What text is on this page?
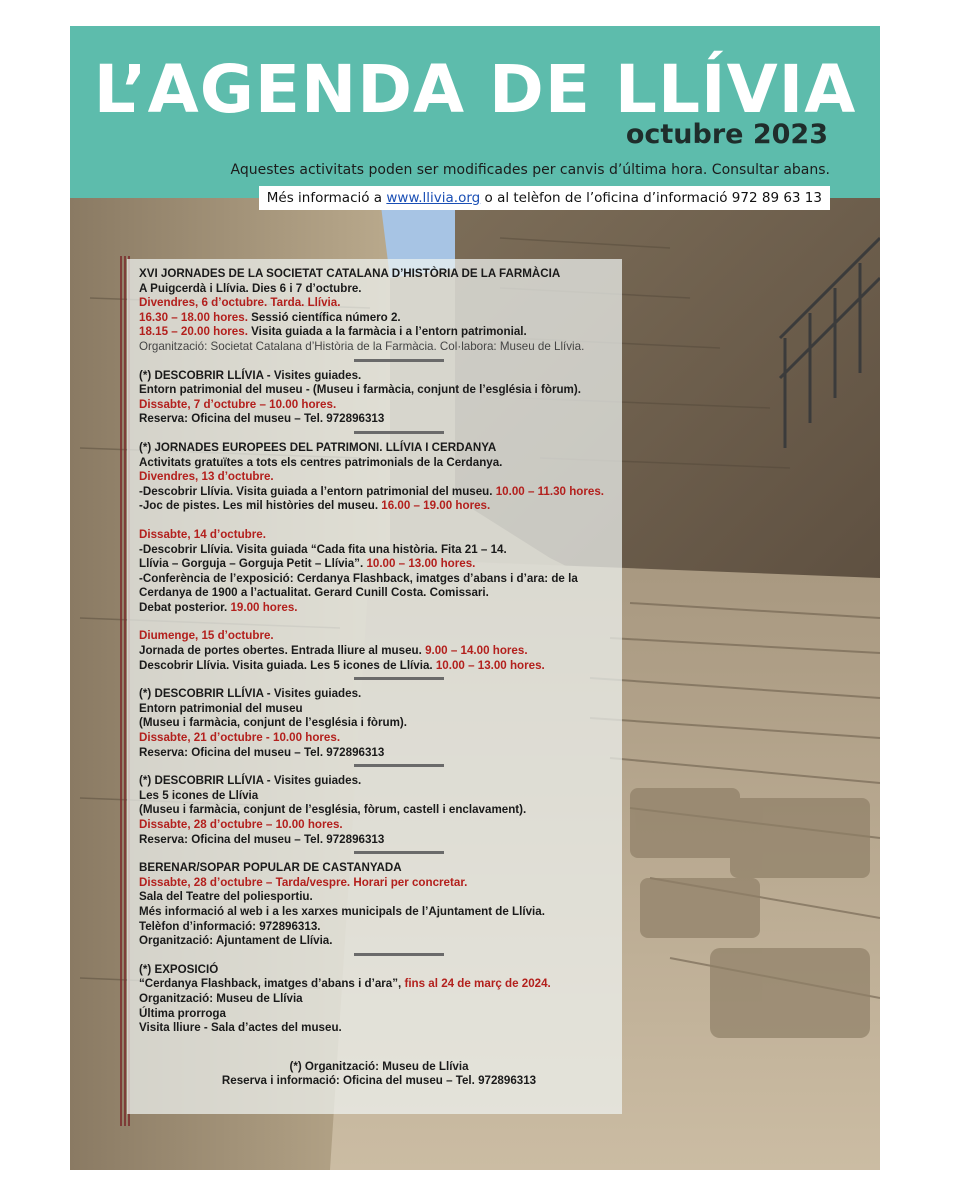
L’AGENDA DE LLÍVIA
octubre 2023
Aquestes activitats poden ser modificades per canvis d’última hora. Consultar abans.
Més informació a www.llivia.org o al telèfon de l’oficina d’informació 972 89 63 13
XVI JORNADES DE LA SOCIETAT CATALANA D’HISTÒRIA DE LA FARMÀCIA
A Puigcerdà i Llívia. Dies 6 i 7 d’octubre.
Divendres, 6 d’octubre. Tarda. Llívia.
16.30 – 18.00 hores. Sessió científica número 2.
18.15 – 20.00 hores. Visita guiada a la farmàcia i a l’entorn patrimonial.
Organització: Societat Catalana d’Història de la Farmàcia. Col·labora: Museu de Llívia.
(*) DESCOBRIR LLÍVIA - Visites guiades.
Entorn patrimonial del museu - (Museu i farmàcia, conjunt de l’església i fòrum).
Dissabte, 7 d’octubre – 10.00 hores.
Reserva: Oficina del museu – Tel. 972896313
(*) JORNADES EUROPEES DEL PATRIMONI. LLÍVIA I CERDANYA
Activitats gratuïtes a tots els centres patrimonials de la Cerdanya.
Divendres, 13 d’octubre.
-Descobrir Llívia. Visita guiada a l’entorn patrimonial del museu. 10.00 – 11.30 hores.
-Joc de pistes. Les mil històries del museu. 16.00 – 19.00 hores.
Dissabte, 14 d’octubre.
-Descobrir Llívia. Visita guiada “Cada fita una història. Fita 21 – 14.
Llívia – Gorguja – Gorguja Petit – Llívia”. 10.00 – 13.00 hores.
-Conferència de l’exposició: Cerdanya Flashback, imatges d’abans i d’ara: de la
Cerdanya de 1900 a l’actualitat. Gerard Cunill Costa. Comissari.
Debat posterior. 19.00 hores.
Diumenge, 15 d’octubre.
Jornada de portes obertes. Entrada lliure al museu. 9.00 – 14.00 hores.
Descobrir Llívia. Visita guiada. Les 5 icones de Llívia. 10.00 – 13.00 hores.
(*) DESCOBRIR LLÍVIA - Visites guiades.
Entorn patrimonial del museu
(Museu i farmàcia, conjunt de l’església i fòrum).
Dissabte, 21 d’octubre - 10.00 hores.
Reserva: Oficina del museu – Tel. 972896313
(*) DESCOBRIR LLÍVIA - Visites guiades.
Les 5 icones de Llívia
(Museu i farmàcia, conjunt de l’església, fòrum, castell i enclavament).
Dissabte, 28 d’octubre – 10.00 hores.
Reserva: Oficina del museu – Tel. 972896313
BERENAR/SOPAR POPULAR DE CASTANYADA
Dissabte, 28 d’octubre – Tarda/vespre. Horari per concretar.
Sala del Teatre del poliesportiu.
Més informació al web i a les xarxes municipals de l’Ajuntament de Llívia.
Telèfon d’informació: 972896313.
Organització: Ajuntament de Llívia.
(*) EXPOSICIÓ
“Cerdanya Flashback, imatges d’abans i d’ara”, fins al 24 de març de 2024.
Organització: Museu de Llívia
Última prorroga
Visita lliure - Sala d’actes del museu.
(*) Organització: Museu de Llívia
Reserva i informació: Oficina del museu – Tel. 972896313
